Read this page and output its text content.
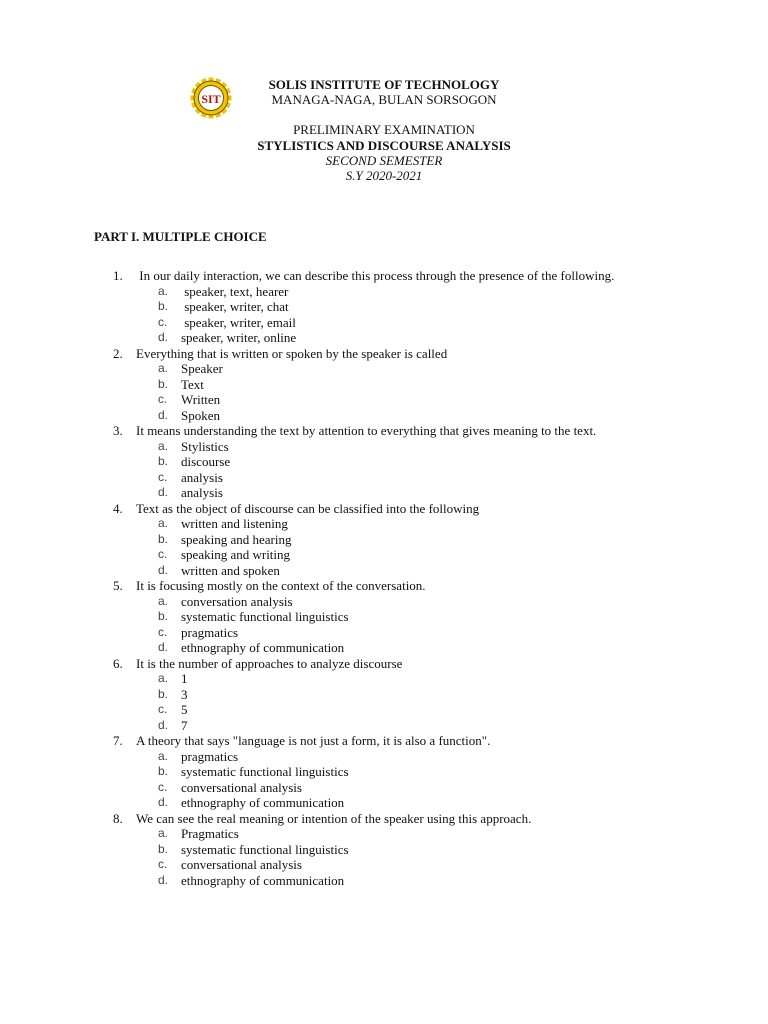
SIT
SOLIS INSTITUTE OF TECHNOLOGY
MANAGA-NAGA, BULAN SORSOGON
PRELIMINARY EXAMINATION
STYLISTICS AND DISCOURSE ANALYSIS
SECOND SEMESTER
S.Y 2020-2021
PART I. MULTIPLE CHOICE
1. In our daily interaction, we can describe this process through the presence of the following.
a. speaker, text, hearer
b. speaker, writer, chat
c. speaker, writer, email
d. speaker, writer, online
2. Everything that is written or spoken by the speaker is called
a. Speaker
b. Text
c. Written
d. Spoken
3. It means understanding the text by attention to everything that gives meaning to the text.
a. Stylistics
b. discourse
c. analysis
d. analysis
4. Text as the object of discourse can be classified into the following
a. written and listening
b. speaking and hearing
c. speaking and writing
d. written and spoken
5. It is focusing mostly on the context of the conversation.
a. conversation analysis
b. systematic functional linguistics
c. pragmatics
d. ethnography of communication
6. It is the number of approaches to analyze discourse
a. 1
b. 3
c. 5
d. 7
7. A theory that says "language is not just a form, it is also a function".
a. pragmatics
b. systematic functional linguistics
c. conversational analysis
d. ethnography of communication
8. We can see the real meaning or intention of the speaker using this approach.
a. Pragmatics
b. systematic functional linguistics
c. conversational analysis
d. ethnography of communication
